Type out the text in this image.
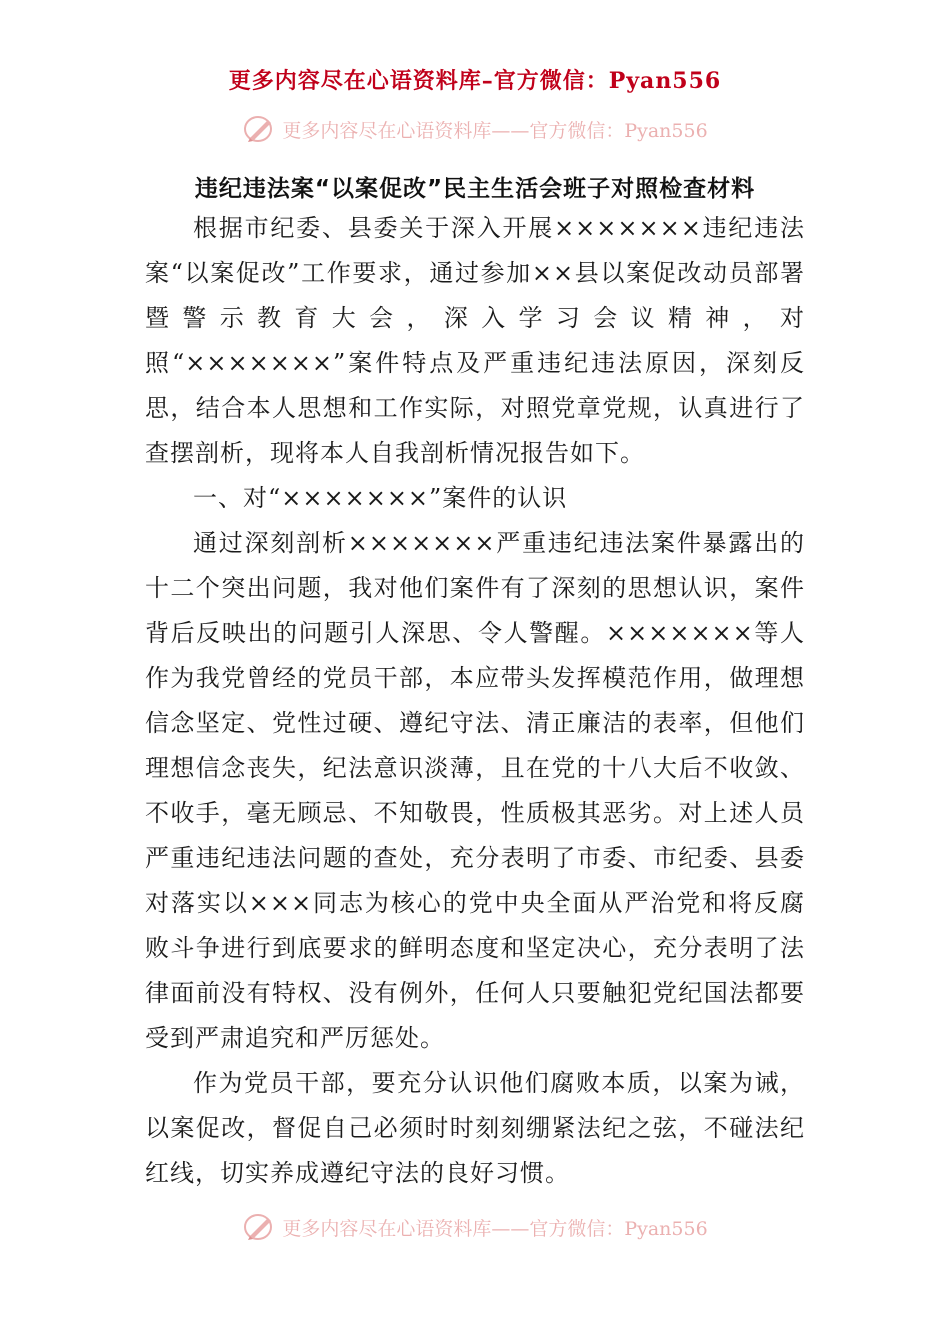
更多内容尽在心语资料库–官方微信：Pyan556
更多内容尽在心语资料库——官方微信：Pyan556
违纪违法案“以案促改”民主生活会班子对照检查材料

根据市纪委、县委关于深入开展×××××××违纪违法案“以案促改”工作要求，通过参加××县以案促改动员部署暨警示教育大会，深入学习会议精神，对照“×××××××”案件特点及严重违纪违法原因，深刻反思，结合本人思想和工作实际，对照党章党规，认真进行了查摆剖析，现将本人自我剖析情况报告如下。

一、对“×××××××”案件的认识

通过深刻剖析×××××××严重违纪违法案件暴露出的十二个突出问题，我对他们案件有了深刻的思想认识，案件背后反映出的问题引人深思、令人警醒。×××××××等人作为我党曾经的党员干部，本应带头发挥模范作用，做理想信念坚定、党性过硬、遵纪守法、清正廉洁的表率，但他们理想信念丧失，纪法意识淡薄，且在党的十八大后不收敛、不收手，毫无顾忌、不知敬畏，性质极其恶劣。对上述人员严重违纪违法问题的查处，充分表明了市委、市纪委、县委对落实以×××同志为核心的党中央全面从严治党和将反腐败斗争进行到底要求的鲜明态度和坚定决心，充分表明了法律面前没有特权、没有例外，任何人只要触犯党纪国法都要受到严肃追究和严厉惩处。

作为党员干部，要充分认识他们腐败本质，以案为诫，以案促改，督促自己必须时时刻刻绷紧法纪之弦，不碰法纪红线，切实养成遵纪守法的良好习惯。

更多内容尽在心语资料库——官方微信：Pyan556
